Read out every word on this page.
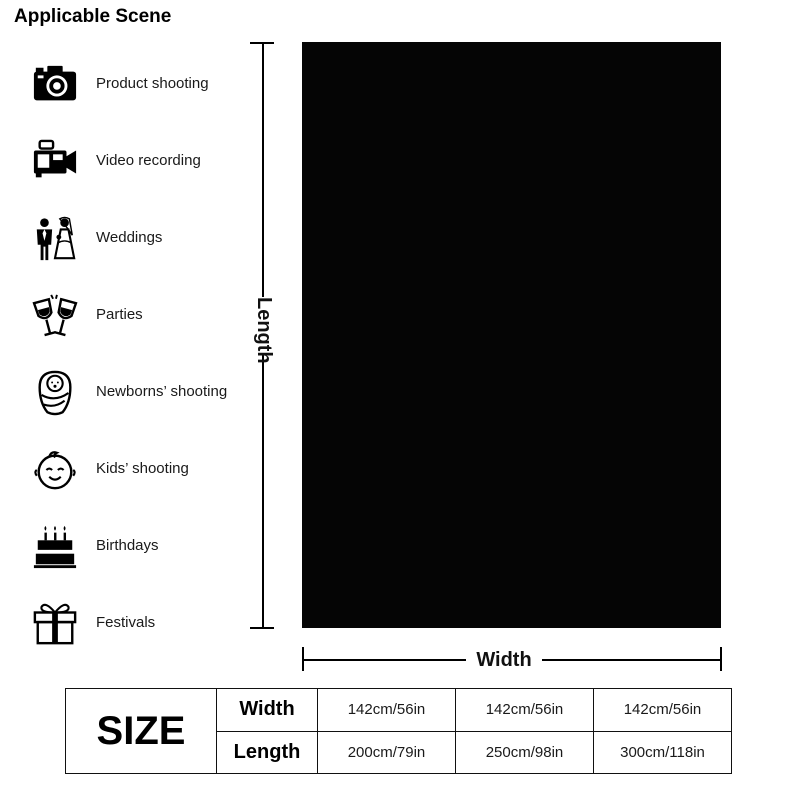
Applicable Scene
Product shooting
Video recording
Weddings
Parties
Newborns’ shooting
Kids’ shooting
Birthdays
Festivals
Length
Width
SIZE	Width	142cm/56in	142cm/56in	142cm/56in
	Length	200cm/79in	250cm/98in	300cm/118in
